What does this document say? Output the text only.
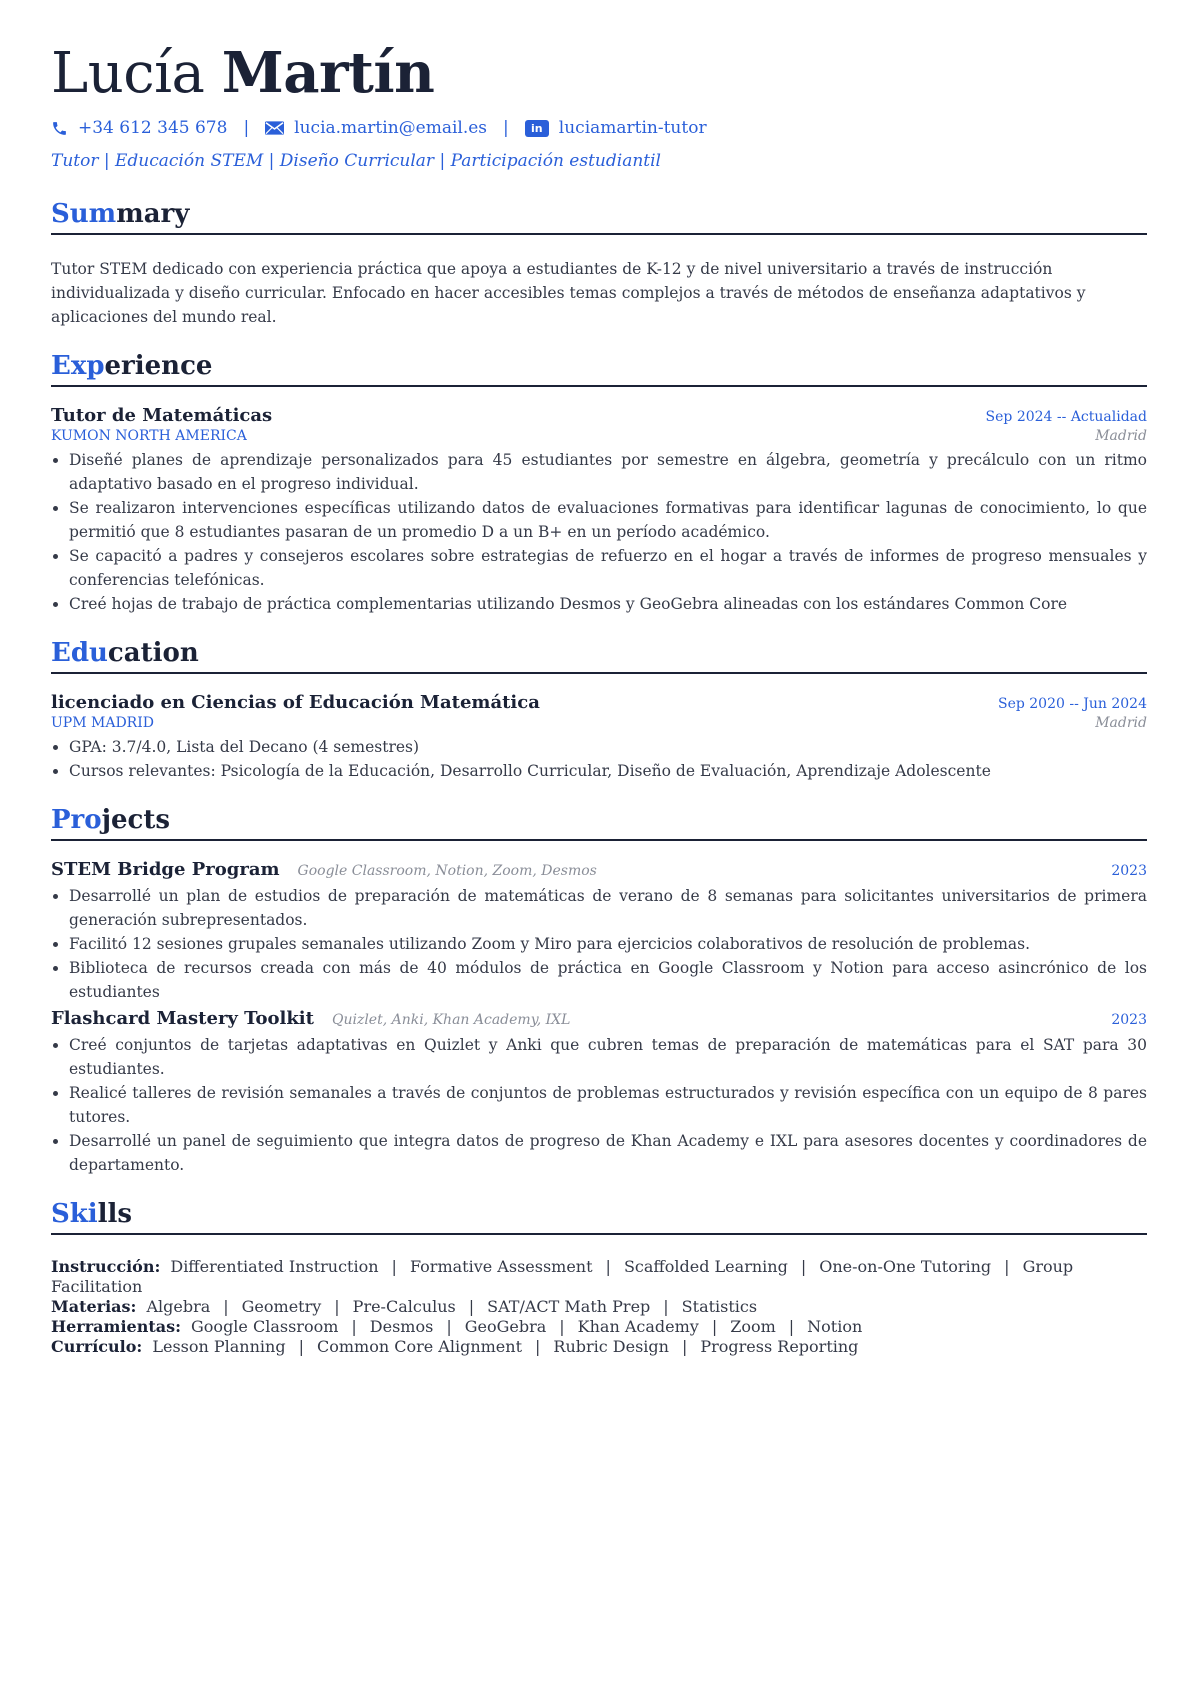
Lucía Martín
+34 612 345 678 |	lucia.martin@email.es |	in luciamartin-tutor
Tutor | Educación STEM | Diseño Curricular | Participación estudiantil
Summary
Tutor STEM dedicado con experiencia práctica que apoya a estudiantes de K-12 y de nivel universitario a través de instrucción individualizada y diseño curricular. Enfocado en hacer accesibles temas complejos a través de métodos de enseñanza adaptativos y aplicaciones del mundo real.
Experience
Tutor de Matemáticas	Sep 2024 -- Actualidad
KUMON NORTH AMERICA	Madrid
• Diseñé planes de aprendizaje personalizados para 45 estudiantes por semestre en álgebra, geometría y precálculo con un ritmo adaptativo basado en el progreso individual.
• Se realizaron intervenciones específicas utilizando datos de evaluaciones formativas para identificar lagunas de conocimiento, lo que permitió que 8 estudiantes pasaran de un promedio D a un B+ en un período académico.
• Se capacitó a padres y consejeros escolares sobre estrategias de refuerzo en el hogar a través de informes de progreso mensuales y conferencias telefónicas.
• Creé hojas de trabajo de práctica complementarias utilizando Desmos y GeoGebra alineadas con los estándares Common Core
Education
licenciado en Ciencias of Educación Matemática	Sep 2020 -- Jun 2024
UPM MADRID	Madrid
• GPA: 3.7/4.0, Lista del Decano (4 semestres)
• Cursos relevantes: Psicología de la Educación, Desarrollo Curricular, Diseño de Evaluación, Aprendizaje Adolescente
Projects
STEM Bridge Program Google Classroom, Notion, Zoom, Desmos	2023
• Desarrollé un plan de estudios de preparación de matemáticas de verano de 8 semanas para solicitantes universitarios de primera generación subrepresentados.
• Facilitó 12 sesiones grupales semanales utilizando Zoom y Miro para ejercicios colaborativos de resolución de problemas.
• Biblioteca de recursos creada con más de 40 módulos de práctica en Google Classroom y Notion para acceso asincrónico de los estudiantes
Flashcard Mastery Toolkit Quizlet, Anki, Khan Academy, IXL	2023
• Creé conjuntos de tarjetas adaptativas en Quizlet y Anki que cubren temas de preparación de matemáticas para el SAT para 30 estudiantes.
• Realicé talleres de revisión semanales a través de conjuntos de problemas estructurados y revisión específica con un equipo de 8 pares tutores.
• Desarrollé un panel de seguimiento que integra datos de progreso de Khan Academy e IXL para asesores docentes y coordinadores de departamento.
Skills
Instrucción: Differentiated Instruction | Formative Assessment | Scaffolded Learning | One-on-One Tutoring | Group Facilitation
Materias: Algebra | Geometry | Pre-Calculus | SAT/ACT Math Prep | Statistics
Herramientas: Google Classroom | Desmos | GeoGebra | Khan Academy | Zoom | Notion
Currículo: Lesson Planning | Common Core Alignment | Rubric Design | Progress Reporting
